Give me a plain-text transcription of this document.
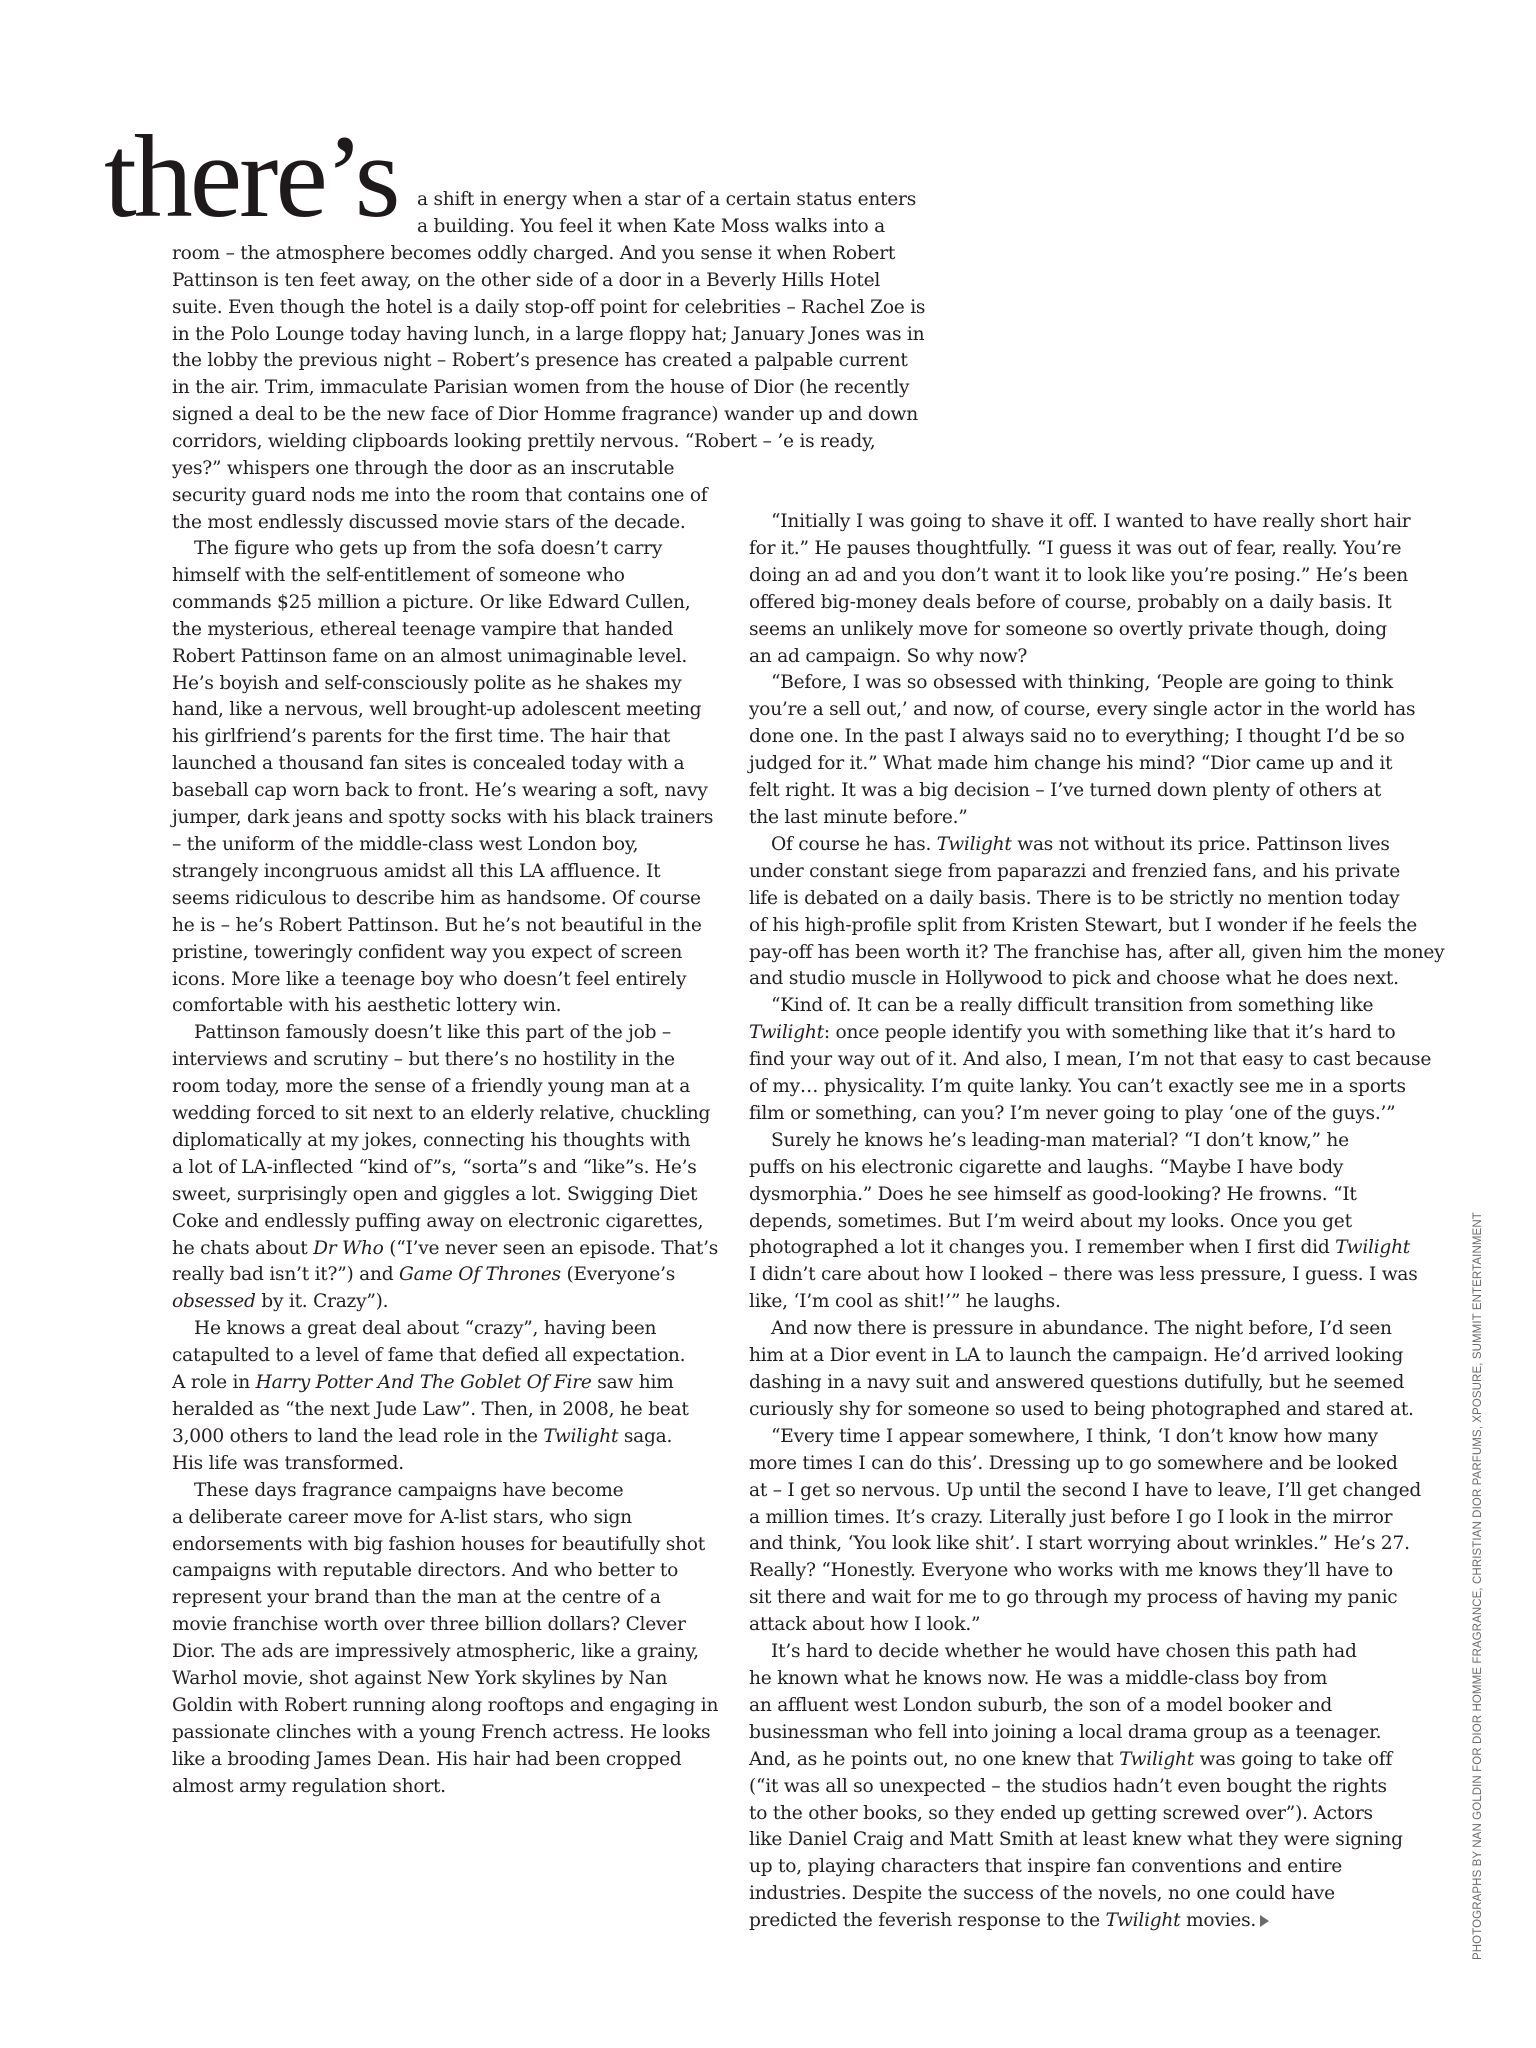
there’s	a shift in energy when a star of a certain status enters

a building. You feel it when Kate Moss walks into a

room – the atmosphere becomes oddly charged. And you sense it when Robert

Pattinson is ten feet away, on the other side of a door in a Beverly Hills Hotel

suite. Even though the hotel is a daily stop-off point for celebrities – Rachel Zoe is

in the Polo Lounge today having lunch, in a large floppy hat; January Jones was in

the lobby the previous night – Robert’s presence has created a palpable current

in the air. Trim, immaculate Parisian women from the house of Dior (he recently

signed a deal to be the new face of Dior Homme fragrance) wander up and down

corridors, wielding clipboards looking prettily nervous. “Robert – ’e is ready,

yes?” whispers one through the door as an inscrutable

security guard nods me into the room that contains one of

the most endlessly discussed movie stars of the decade.

The figure who gets up from the sofa doesn’t carry

himself with the self-entitlement of someone who

commands $25 million a picture. Or like Edward Cullen,

the mysterious, ethereal teenage vampire that handed

Robert Pattinson fame on an almost unimaginable level.

He’s boyish and self-consciously polite as he shakes my

hand, like a nervous, well brought-up adolescent meeting

his girlfriend’s parents for the first time. The hair that

launched a thousand fan sites is concealed today with a

baseball cap worn back to front. He’s wearing a soft, navy

jumper, dark jeans and spotty socks with his black trainers

– the uniform of the middle-class west London boy,

strangely incongruous amidst all this LA affluence. It

seems ridiculous to describe him as handsome. Of course

he is – he’s Robert Pattinson. But he’s not beautiful in the

pristine, toweringly confident way you expect of screen

icons. More like a teenage boy who doesn’t feel entirely

comfortable with his aesthetic lottery win.

Pattinson famously doesn’t like this part of the job –

interviews and scrutiny – but there’s no hostility in the

room today, more the sense of a friendly young man at a

wedding forced to sit next to an elderly relative, chuckling

diplomatically at my jokes, connecting his thoughts with

a lot of LA-inflected “kind of”s, “sorta”s and “like”s. He’s

sweet, surprisingly open and giggles a lot. Swigging Diet

Coke and endlessly puffing away on electronic cigarettes,

he chats about Dr Who (“I’ve never seen an episode. That’s

really bad isn’t it?”) and Game Of Thrones (Everyone’s

obsessed by it. Crazy”).

He knows a great deal about “crazy”, having been

catapulted to a level of fame that defied all expectation.

A role in Harry Potter And The Goblet Of Fire saw him

heralded as “the next Jude Law”. Then, in 2008, he beat

3,000 others to land the lead role in the Twilight saga.

His life was transformed.

These days fragrance campaigns have become

a deliberate career move for A-list stars, who sign

endorsements with big fashion houses for beautifully shot

campaigns with reputable directors. And who better to

represent your brand than the man at the centre of a

movie franchise worth over three billion dollars? Clever

Dior. The ads are impressively atmospheric, like a grainy,

Warhol movie, shot against New York skylines by Nan

Goldin with Robert running along rooftops and engaging in

passionate clinches with a young French actress. He looks

like a brooding James Dean. His hair had been cropped

almost army regulation short.

“Initially I was going to shave it off. I wanted to have really short hair

for it.” He pauses thoughtfully. “I guess it was out of fear, really. You’re

doing an ad and you don’t want it to look like you’re posing.” He’s been

offered big-money deals before of course, probably on a daily basis. It

seems an unlikely move for someone so overtly private though, doing

an ad campaign. So why now?

“Before, I was so obsessed with thinking, ‘People are going to think

you’re a sell out,’ and now, of course, every single actor in the world has

done one. In the past I always said no to everything; I thought I’d be so

judged for it.” What made him change his mind? “Dior came up and it

felt right. It was a big decision – I’ve turned down plenty of others at

the last minute before.”

Of course he has. Twilight was not without its price. Pattinson lives

under constant siege from paparazzi and frenzied fans, and his private

life is debated on a daily basis. There is to be strictly no mention today

of his high-profile split from Kristen Stewart, but I wonder if he feels the

pay-off has been worth it? The franchise has, after all, given him the money

and studio muscle in Hollywood to pick and choose what he does next.

“Kind of. It can be a really difficult transition from something like

Twilight: once people identify you with something like that it’s hard to

find your way out of it. And also, I mean, I’m not that easy to cast because

of my… physicality. I’m quite lanky. You can’t exactly see me in a sports

film or something, can you? I’m never going to play ‘one of the guys.’”

Surely he knows he’s leading-man material? “I don’t know,” he

puffs on his electronic cigarette and laughs. “Maybe I have body

dysmorphia.” Does he see himself as good-looking? He frowns. “It

depends, sometimes. But I’m weird about my looks. Once you get

photographed a lot it changes you. I remember when I first did Twilight

I didn’t care about how I looked – there was less pressure, I guess. I was

like, ‘I’m cool as shit!’” he laughs.

And now there is pressure in abundance. The night before, I’d seen

him at a Dior event in LA to launch the campaign. He’d arrived looking

dashing in a navy suit and answered questions dutifully, but he seemed

curiously shy for someone so used to being photographed and stared at.

“Every time I appear somewhere, I think, ‘I don’t know how many

more times I can do this’. Dressing up to go somewhere and be looked

at – I get so nervous. Up until the second I have to leave, I’ll get changed

a million times. It’s crazy. Literally just before I go I look in the mirror

and think, ‘You look like shit’. I start worrying about wrinkles.” He’s 27.

Really? “Honestly. Everyone who works with me knows they’ll have to

sit there and wait for me to go through my process of having my panic

attack about how I look.”

It’s hard to decide whether he would have chosen this path had

he known what he knows now. He was a middle-class boy from

an affluent west London suburb, the son of a model booker and

businessman who fell into joining a local drama group as a teenager.

And, as he points out, no one knew that Twilight was going to take off

(“it was all so unexpected – the studios hadn’t even bought the rights

to the other books, so they ended up getting screwed over”). Actors

like Daniel Craig and Matt Smith at least knew what they were signing

up to, playing characters that inspire fan conventions and entire

industries. Despite the success of the novels, no one could have

predicted the feverish response to the Twilight movies.	PHOTOGRAPHS BY NAN GOLDIN FOR DIOR HOMME FRAGRANCE, CHRISTIAN DIOR PARFUMS, XPOSURE, SUMMIT ENTERTAINMENT
